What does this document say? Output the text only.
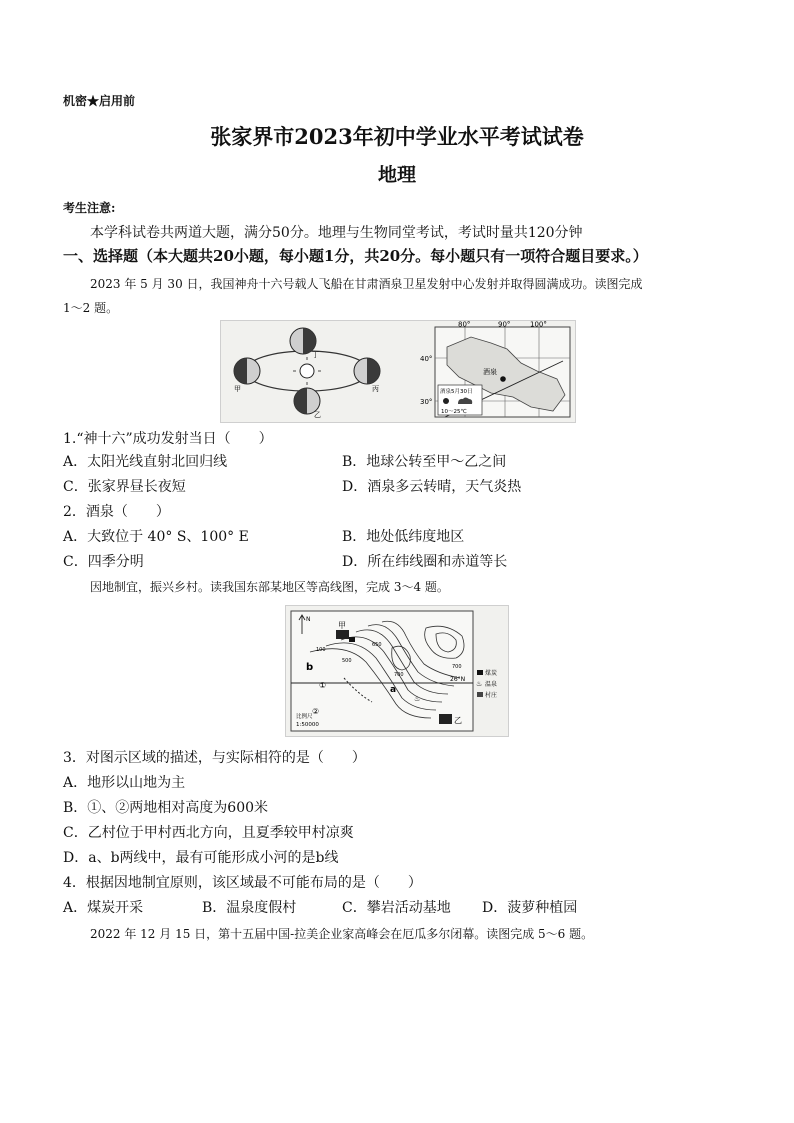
机密★启用前
张家界市2023年初中学业水平考试试卷
地理
考生注意:
本学科试卷共两道大题，满分50分。地理与生物同堂考试，考试时量共120分钟
一、选择题（本大题共20小题，每小题1分，共20分。每小题只有一项符合题目要求。）
2023 年 5 月 30 日，我国神舟十六号载人飞船在甘肃酒泉卫星发射中心发射并取得圆满成功。读图完成
1～2 题。
丁
乙
甲	丙
酒泉
80°	90°	100°
40°
30°
酒泉5月30日
10～25℃
1.“神十六”成功发射当日（　　）
A．太阳光线直射北回归线	B．地球公转至甲～乙之间
C．张家界昼长夜短	D．酒泉多云转晴，天气炎热
2．酒泉（　　）
A．大致位于 40° S、100° E	B．地处低纬度地区
C．四季分明	D．所在纬线圈和赤道等长
因地制宜，振兴乡村。读我国东部某地区等高线图，完成 3～4 题。
N
甲
乙
a
b
100
500
650
700
700
26°N
①
②
♨
比例尺
1:50000
煤炭
♨ 温泉
村庄
3．对图示区域的描述，与实际相符的是（　　）
A．地形以山地为主
B．①、②两地相对高度为600米
C．乙村位于甲村西北方向，且夏季较甲村凉爽
D．a、b两线中，最有可能形成小河的是b线
4．根据因地制宜原则，该区域最不可能布局的是（　　）
A．煤炭开采	B．温泉度假村	C．攀岩活动基地 D．菠萝种植园
2022 年 12 月 15 日，第十五届中国-拉美企业家高峰会在厄瓜多尔闭幕。读图完成 5～6 题。
